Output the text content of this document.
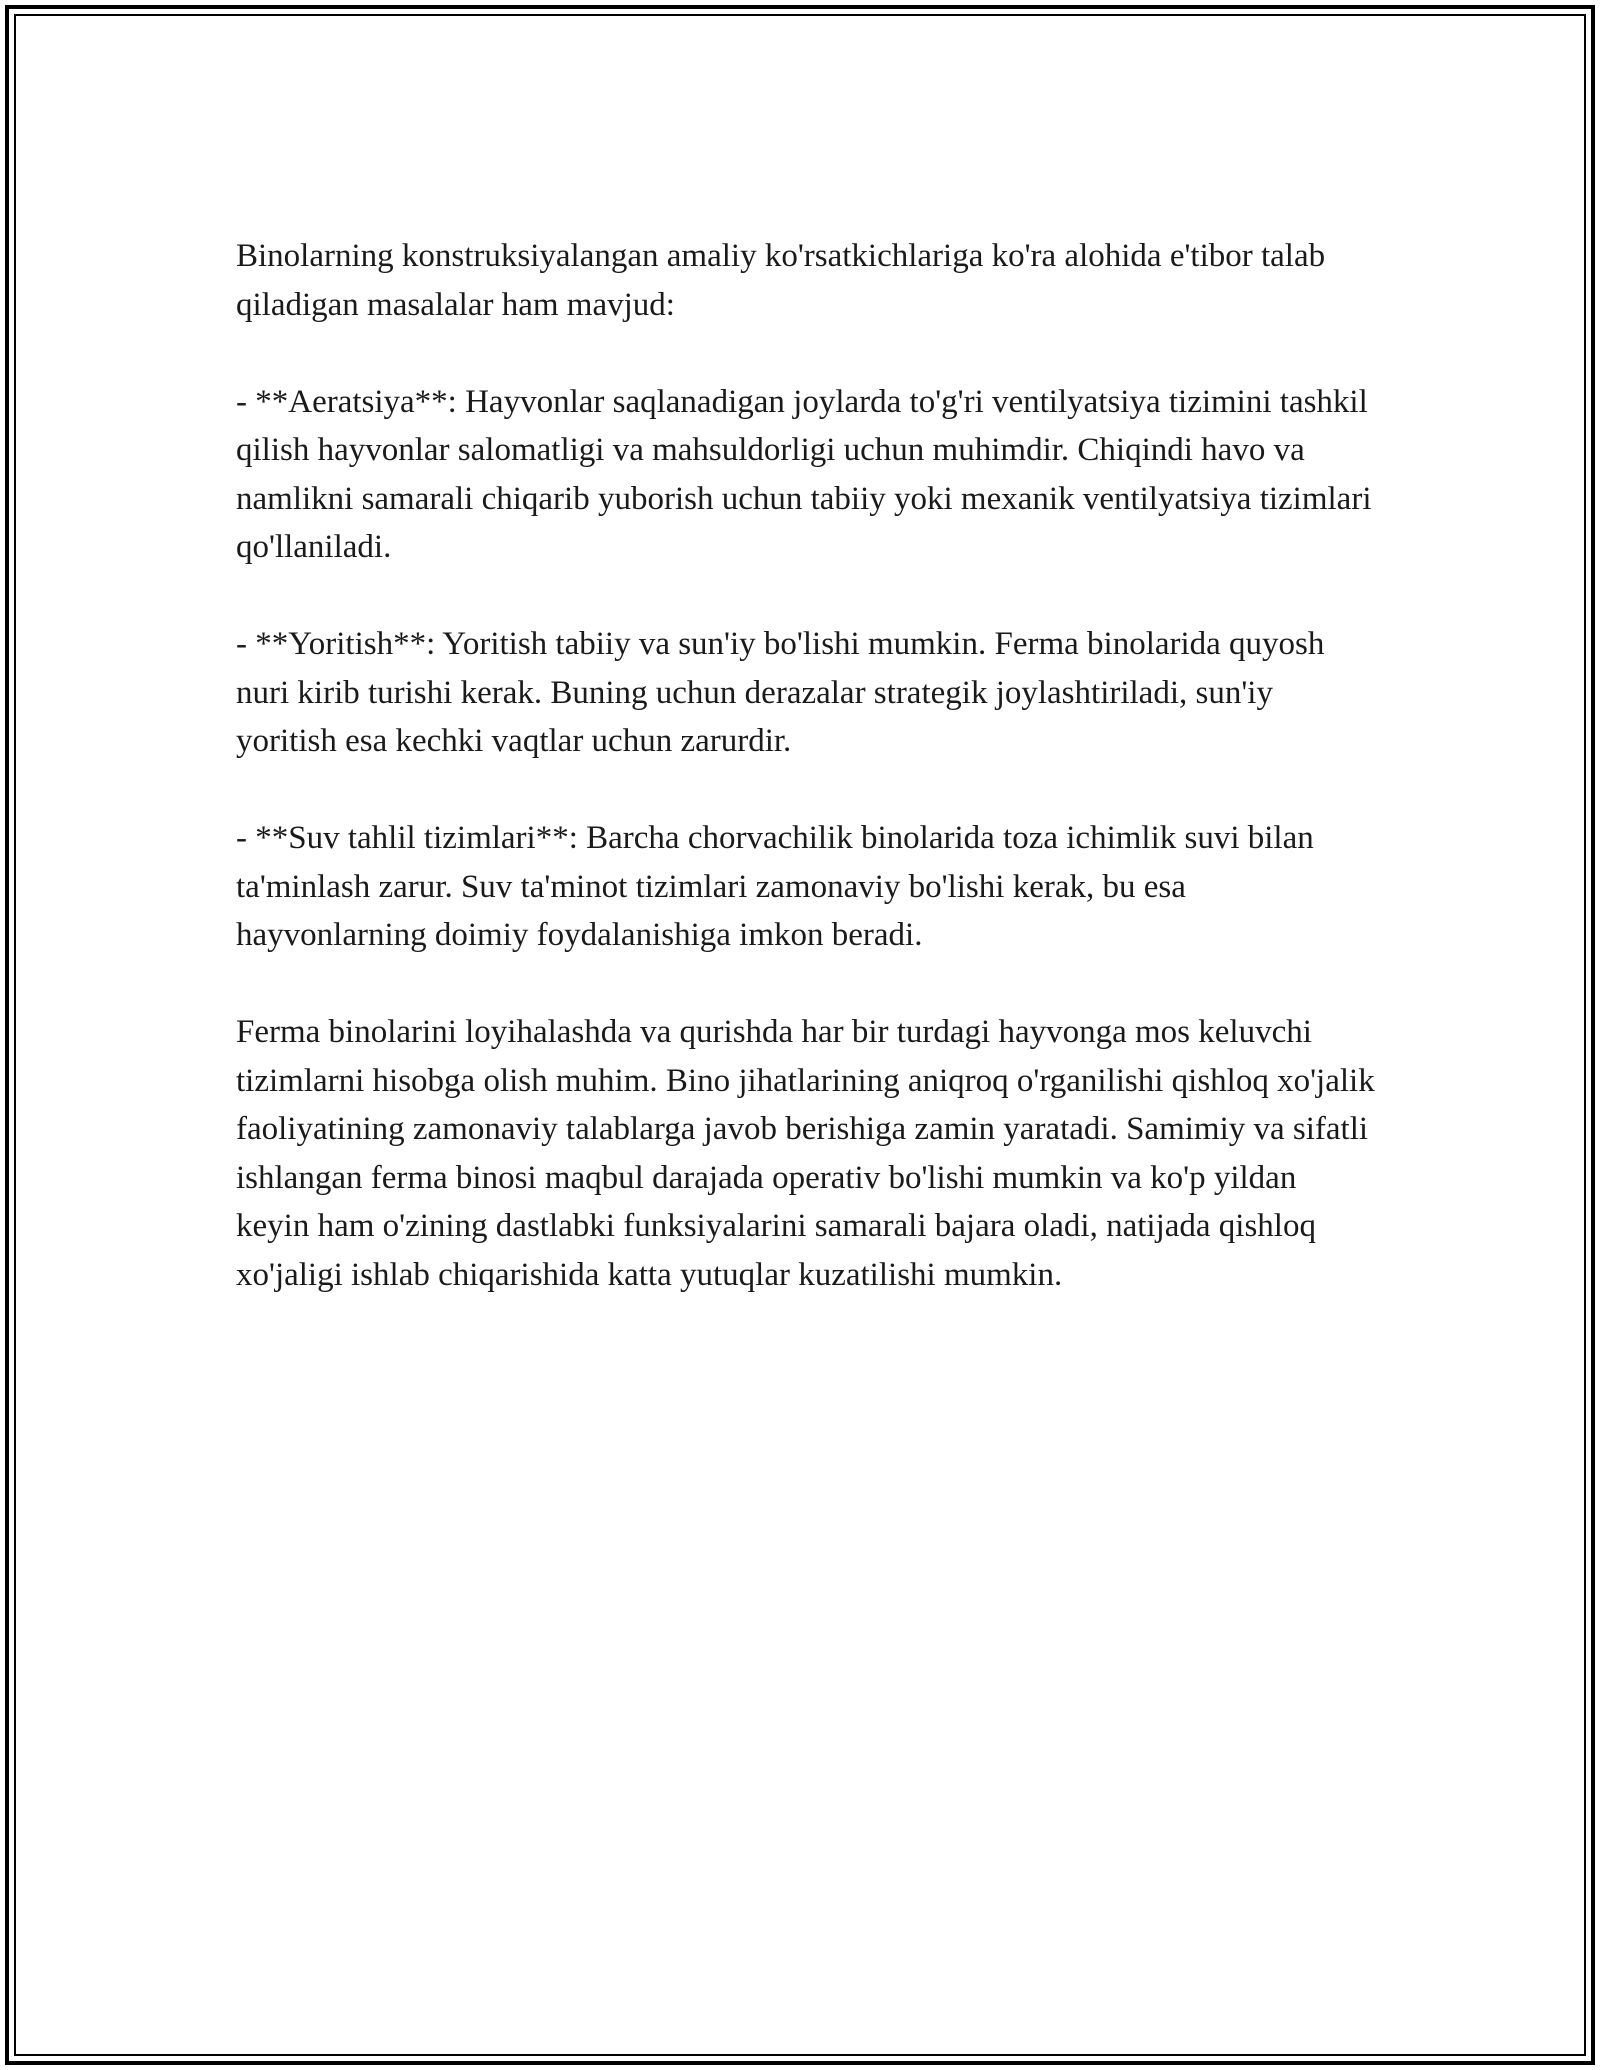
Binolarning konstruksiyalangan amaliy ko'rsatkichlariga ko'ra alohida e'tibor talab qiladigan masalalar ham mavjud:

- **Aeratsiya**: Hayvonlar saqlanadigan joylarda to'g'ri ventilyatsiya tizimini tashkil qilish hayvonlar salomatligi va mahsuldorligi uchun muhimdir. Chiqindi havo va namlikni samarali chiqarib yuborish uchun tabiiy yoki mexanik ventilyatsiya tizimlari qo'llaniladi.

- **Yoritish**: Yoritish tabiiy va sun'iy bo'lishi mumkin. Ferma binolarida quyosh nuri kirib turishi kerak. Buning uchun derazalar strategik joylashtiriladi, sun'iy yoritish esa kechki vaqtlar uchun zarurdir.

- **Suv tahlil tizimlari**: Barcha chorvachilik binolarida toza ichimlik suvi bilan ta'minlash zarur. Suv ta'minot tizimlari zamonaviy bo'lishi kerak, bu esa hayvonlarning doimiy foydalanishiga imkon beradi.

Ferma binolarini loyihalashda va qurishda har bir turdagi hayvonga mos keluvchi tizimlarni hisobga olish muhim. Bino jihatlarining aniqroq o'rganilishi qishloq xo'jalik faoliyatining zamonaviy talablarga javob berishiga zamin yaratadi. Samimiy va sifatli ishlangan ferma binosi maqbul darajada operativ bo'lishi mumkin va ko'p yildan keyin ham o'zining dastlabki funksiyalarini samarali bajara oladi, natijada qishloq xo'jaligi ishlab chiqarishida katta yutuqlar kuzatilishi mumkin.
